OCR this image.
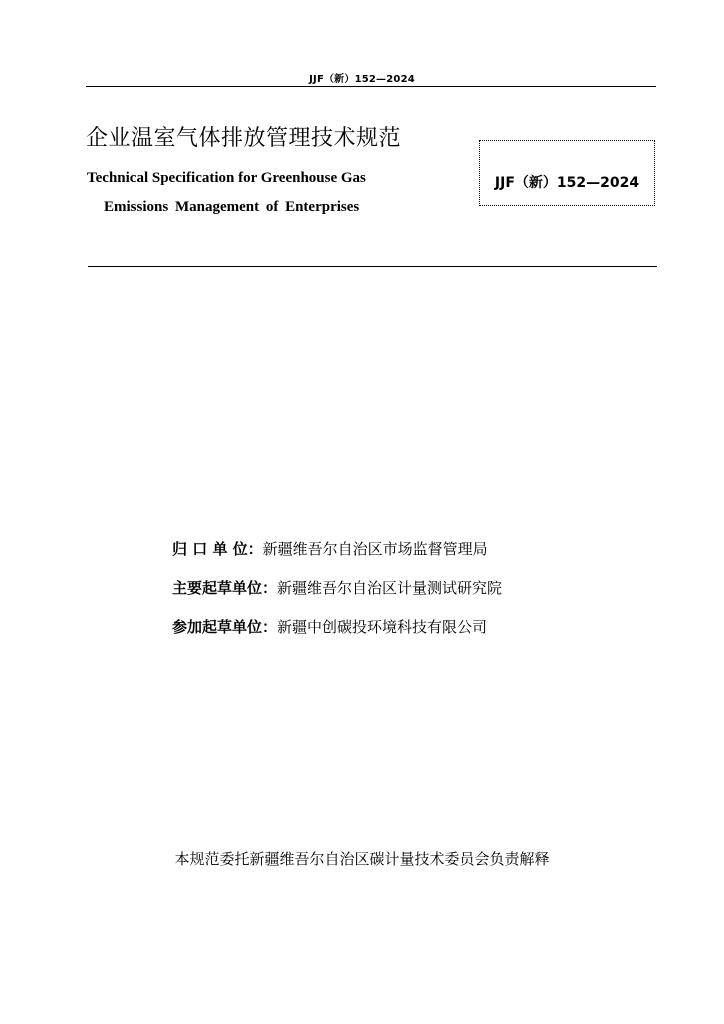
JJF（新）152—2024
企业温室气体排放管理技术规范
Technical Specification for Greenhouse Gas
Emissions Management of Enterprises
JJF（新）152—2024
归 口 单 位：新疆维吾尔自治区市场监督管理局
主要起草单位：新疆维吾尔自治区计量测试研究院
参加起草单位：新疆中创碳投环境科技有限公司
本规范委托新疆维吾尔自治区碳计量技术委员会负责解释
